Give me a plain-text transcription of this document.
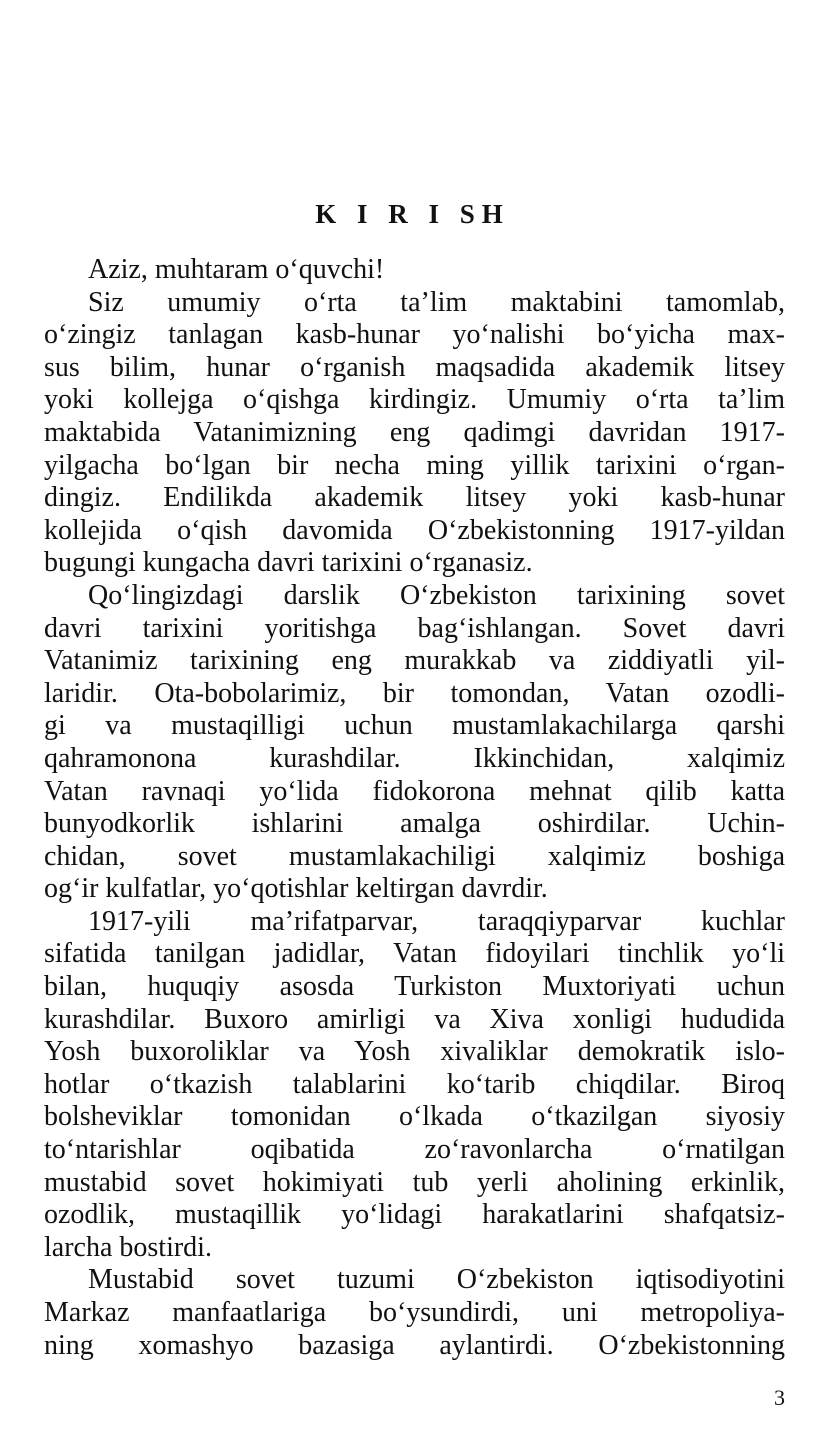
K I R I SH
Aziz, muhtaram o‘quvchi!
Siz umumiy o‘rta ta’lim maktabini tamomlab,
o‘zingiz tanlagan kasb-hunar yo‘nalishi bo‘yicha max-
sus bilim, hunar o‘rganish maqsadida akademik litsey
yoki kollejga o‘qishga kirdingiz. Umumiy o‘rta ta’lim
maktabida Vatanimizning eng qadimgi davridan 1917-
yilgacha bo‘lgan bir necha ming yillik tarixini o‘rgan-
dingiz. Endilikda akademik litsey yoki kasb-hunar
kollejida o‘qish davomida O‘zbekistonning 1917-yildan
bugungi kungacha davri tarixini o‘rganasiz.
Qo‘lingizdagi darslik O‘zbekiston tarixining sovet
davri tarixini yoritishga bag‘ishlangan. Sovet davri
Vatanimiz tarixining eng murakkab va ziddiyatli yil-
laridir. Ota-bobolarimiz, bir tomondan, Vatan ozodli-
gi va mustaqilligi uchun mustamlakachilarga qarshi
qahramononа kurashdilar. Ikkinchidan, xalqimiz
Vatan ravnaqi yo‘lida fidokorona mehnat qilib katta
bunyodkorlik ishlarini amalga oshirdilar. Uchin-
chidan, sovet mustamlakachiligi xalqimiz boshiga
og‘ir kulfatlar, yo‘qotishlar keltirgan davrdir.
1917-yili ma’rifatparvar, taraqqiyparvar kuchlar
sifatida tanilgan jadidlar, Vatan fidoyilari tinchlik yo‘li
bilan, huquqiy asosda Turkiston Muxtoriyati uchun
kurashdilar. Buxoro amirligi va Xiva xonligi hududida
Yosh buxoroliklar va Yosh xivaliklar demokratik islo-
hotlar o‘tkazish talablarini ko‘tarib chiqdilar. Biroq
bolsheviklar tomonidan o‘lkada o‘tkazilgan siyosiy
to‘ntarishlar oqibatida zo‘ravonlarcha o‘rnatilgan
mustabid sovet hokimiyati tub yerli aholining erkinlik,
ozodlik, mustaqillik yo‘lidagi harakatlarini shafqatsiz-
larcha bostirdi.
Mustabid sovet tuzumi O‘zbekiston iqtisodiyotini
Markaz manfaatlariga bo‘ysundirdi, uni metropoliya-
ning xomashyo bazasiga aylantirdi. O‘zbekistonning
3
